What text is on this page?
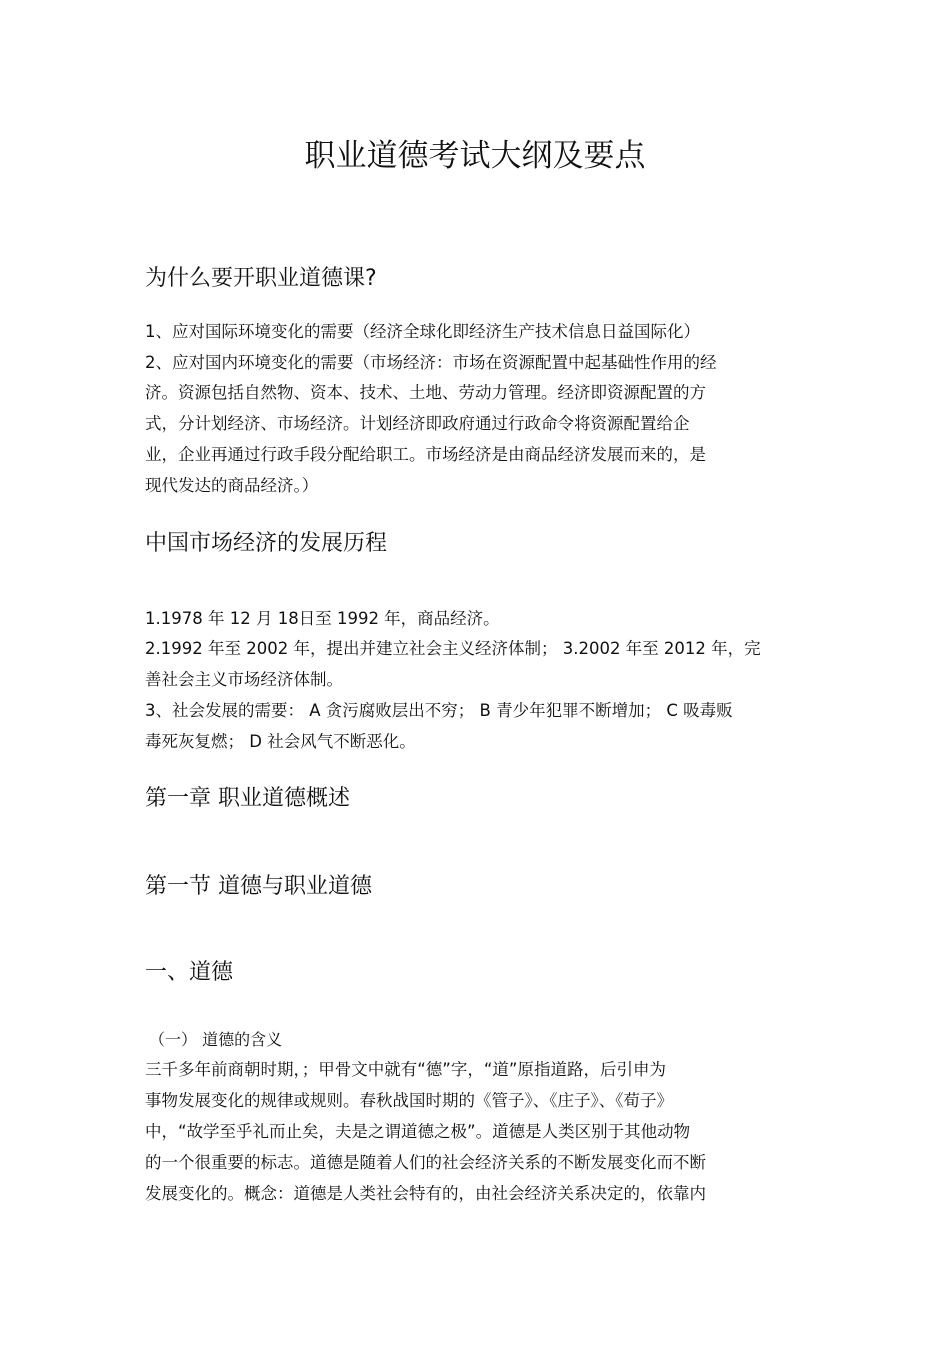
职业道德考试大纲及要点
为什么要开职业道德课?

1、应对国际环境变化的需要（经济全球化即经济生产技术信息日益国际化）

2、应对国内环境变化的需要（市场经济：市场在资源配置中起基础性作用的经

济。资源包括自然物、资本、技术、土地、劳动力管理。经济即资源配置的方

式，分计划经济、市场经济。计划经济即政府通过行政命令将资源配置给企

业，企业再通过行政手段分配给职工。市场经济是由商品经济发展而来的，是

现代发达的商品经济。）

中国市场经济的发展历程

1.1978 年 12 月 18日至 1992 年，商品经济。

2.1992 年至 2002 年，提出并建立社会主义经济体制； 3.2002 年至 2012 年，完

善社会主义市场经济体制。

3、社会发展的需要： A 贪污腐败层出不穷； B 青少年犯罪不断增加； C 吸毒贩

毒死灰复燃； D 社会风气不断恶化。

第一章 职业道德概述
第一节 道德与职业道德
一、道德

（一） 道德的含义

三千多年前商朝时期，；甲骨文中就有“德”字，“道”原指道路，后引申为

事物发展变化的规律或规则。春秋战国时期的《管子》、《庄子》、《荀子》

中，“故学至乎礼而止矣，夫是之谓道德之极”。道德是人类区别于其他动物

的一个很重要的标志。道德是随着人们的社会经济关系的不断发展变化而不断

发展变化的。概念：道德是人类社会特有的，由社会经济关系决定的，依靠内
